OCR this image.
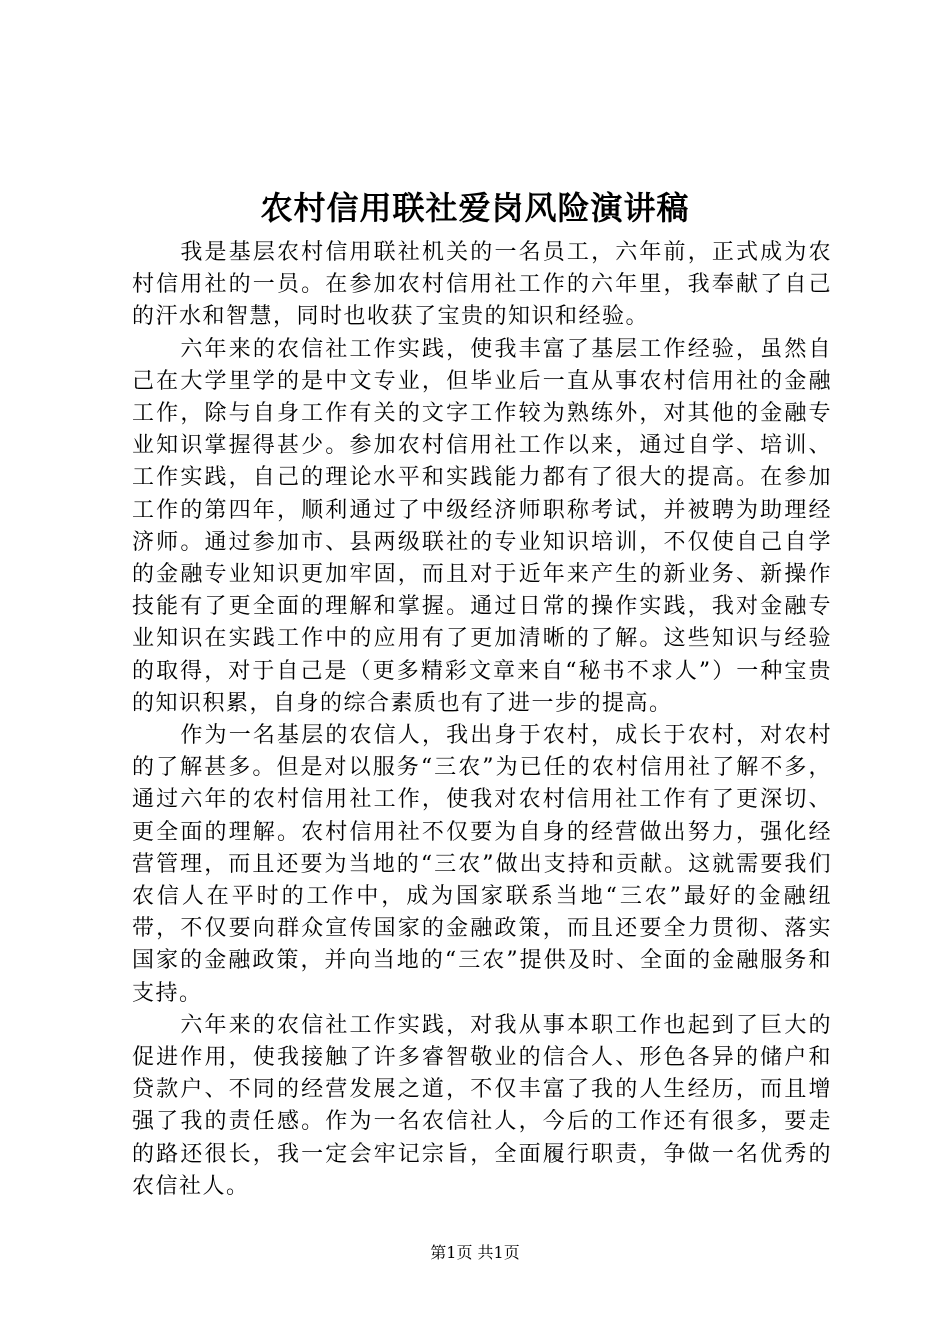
农村信用联社爱岗风险演讲稿

我是基层农村信用联社机关的一名员工，六年前，正式成为农村信用社的一员。在参加农村信用社工作的六年里，我奉献了自己的汗水和智慧，同时也收获了宝贵的知识和经验。

六年来的农信社工作实践，使我丰富了基层工作经验，虽然自己在大学里学的是中文专业，但毕业后一直从事农村信用社的金融工作，除与自身工作有关的文字工作较为熟练外，对其他的金融专业知识掌握得甚少。参加农村信用社工作以来，通过自学、培训、工作实践，自己的理论水平和实践能力都有了很大的提高。在参加工作的第四年，顺利通过了中级经济师职称考试，并被聘为助理经济师。通过参加市、县两级联社的专业知识培训，不仅使自己自学的金融专业知识更加牢固，而且对于近年来产生的新业务、新操作技能有了更全面的理解和掌握。通过日常的操作实践，我对金融专业知识在实践工作中的应用有了更加清晰的了解。这些知识与经验的取得，对于自己是（更多精彩文章来自“秘书不求人”）一种宝贵的知识积累，自身的综合素质也有了进一步的提高。

作为一名基层的农信人，我出身于农村，成长于农村，对农村的了解甚多。但是对以服务“三农”为已任的农村信用社了解不多，通过六年的农村信用社工作，使我对农村信用社工作有了更深切、更全面的理解。农村信用社不仅要为自身的经营做出努力，强化经营管理，而且还要为当地的“三农”做出支持和贡献。这就需要我们农信人在平时的工作中，成为国家联系当地“三农”最好的金融纽带，不仅要向群众宣传国家的金融政策，而且还要全力贯彻、落实国家的金融政策，并向当地的“三农”提供及时、全面的金融服务和支持。

六年来的农信社工作实践，对我从事本职工作也起到了巨大的促进作用，使我接触了许多睿智敬业的信合人、形色各异的储户和贷款户、不同的经营发展之道，不仅丰富了我的人生经历，而且增强了我的责任感。作为一名农信社人，今后的工作还有很多，要走的路还很长，我一定会牢记宗旨，全面履行职责，争做一名优秀的农信社人。

第1页 共1页
